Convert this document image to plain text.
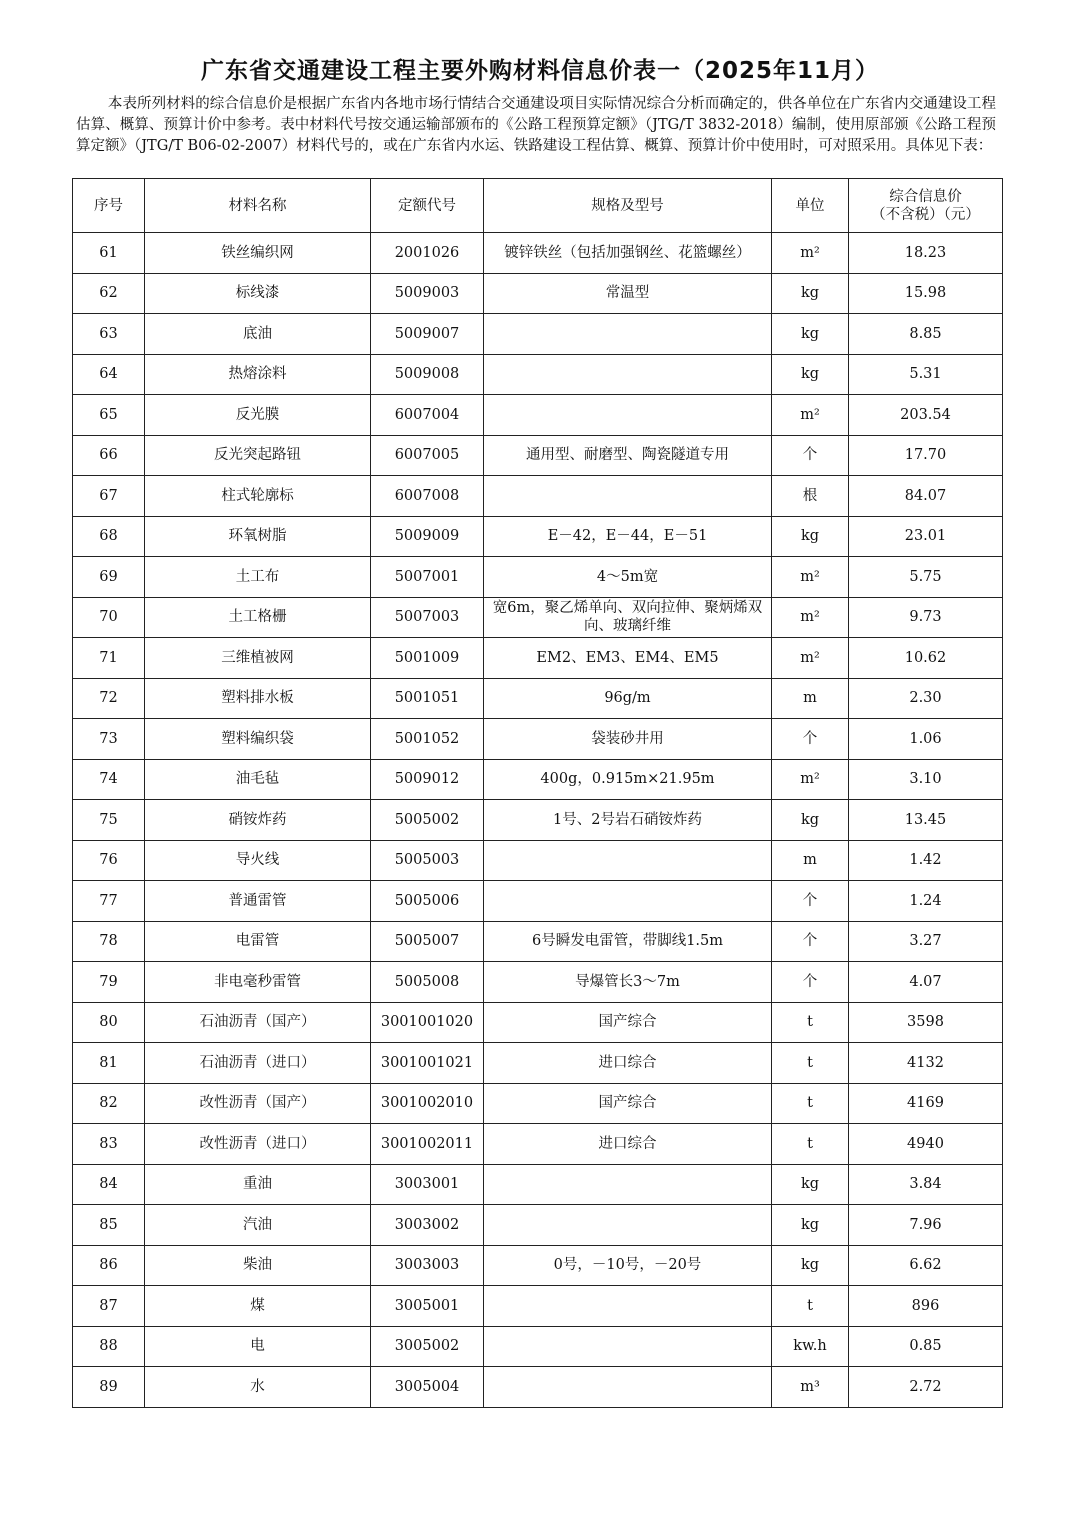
广东省交通建设工程主要外购材料信息价表一（2025年11月）
本表所列材料的综合信息价是根据广东省内各地市场行情结合交通建设项目实际情况综合分析而确定的，供各单位在广东省内交通建设工程估算、概算、预算计价中参考。表中材料代号按交通运输部颁布的《公路工程预算定额》（JTG/T 3832-2018）编制，使用原部颁《公路工程预算定额》（JTG/T B06-02-2007）材料代号的，或在广东省内水运、铁路建设工程估算、概算、预算计价中使用时，可对照采用。具体见下表：
序号	材料名称	定额代号	规格及型号	单位	综合信息价
（不含税）（元）

61	铁丝编织网	2001026	镀锌铁丝（包括加强钢丝、花篮螺丝）	m²	18.23
62	标线漆	5009003	常温型	kg	15.98
63	底油	5009007		kg	8.85
64	热熔涂料	5009008		kg	5.31
65	反光膜	6007004		m²	203.54
66	反光突起路钮	6007005	通用型、耐磨型、陶瓷隧道专用	个	17.70
67	柱式轮廓标	6007008		根	84.07
68	环氧树脂	5009009	E－42，E－44，E－51	kg	23.01
69	土工布	5007001	4～5m宽	m²	5.75
70	土工格栅	5007003	宽6m，聚乙烯单向、双向拉伸、聚炳烯双向、玻璃纤维	m²	9.73
71	三维植被网	5001009	EM2、EM3、EM4、EM5	m²	10.62
72	塑料排水板	5001051	96g/m	m	2.30
73	塑料编织袋	5001052	袋装砂井用	个	1.06
74	油毛毡	5009012	400g，0.915m×21.95m	m²	3.10
75	硝铵炸药	5005002	1号、2号岩石硝铵炸药	kg	13.45
76	导火线	5005003		m	1.42
77	普通雷管	5005006		个	1.24
78	电雷管	5005007	6号瞬发电雷管，带脚线1.5m	个	3.27
79	非电毫秒雷管	5005008	导爆管长3～7m	个	4.07
80	石油沥青（国产）	3001001020	国产综合	t	3598
81	石油沥青（进口）	3001001021	进口综合	t	4132
82	改性沥青（国产）	3001002010	国产综合	t	4169
83	改性沥青（进口）	3001002011	进口综合	t	4940
84	重油	3003001		kg	3.84
85	汽油	3003002		kg	7.96
86	柴油	3003003	0号，－10号，－20号	kg	6.62
87	煤	3005001		t	896
88	电	3005002		kw.h	0.85
89	水	3005004		m³	2.72
